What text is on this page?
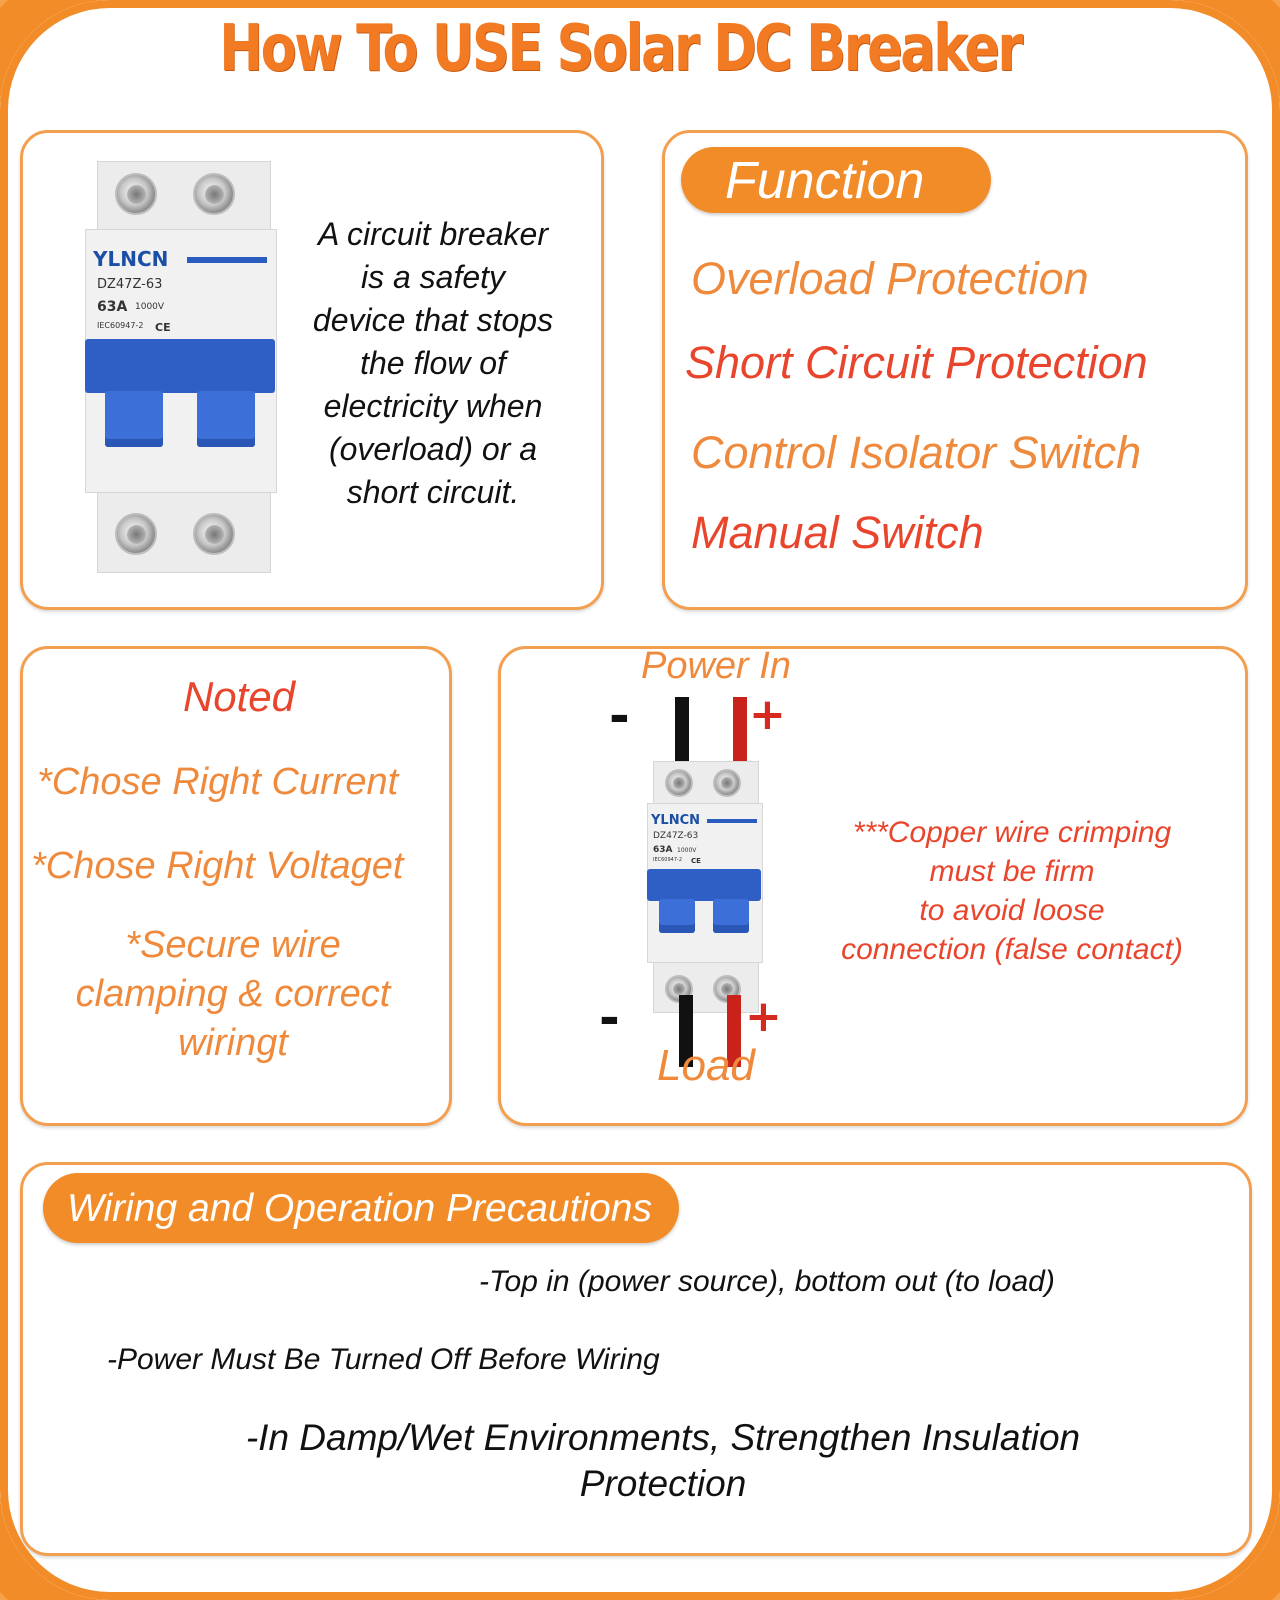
How To USE Solar DC Breaker
YLNCN
DZ47Z-63
63A 1000V
IEC60947-2 CE
A circuit breaker
is a safety
device that stops
the flow of
electricity when
(overload) or a
short circuit.
Function
Overload Protection
Short Circuit Protection
Control Isolator Switch
Manual Switch
Noted
*Chose Right Current
*Chose Right Voltaget
*Secure wire
clamping & correct
wiringt
Power In
-	+
YLNCN
DZ47Z-63
63A 1000V
IEC60947-2 CE
-	+
Load
***Copper wire crimping
must be firm
to avoid loose
connection (false contact)
Wiring and Operation Precautions
-Top in (power source), bottom out (to load)
-Power Must Be Turned Off Before Wiring
-In Damp/Wet Environments, Strengthen Insulation
Protection
